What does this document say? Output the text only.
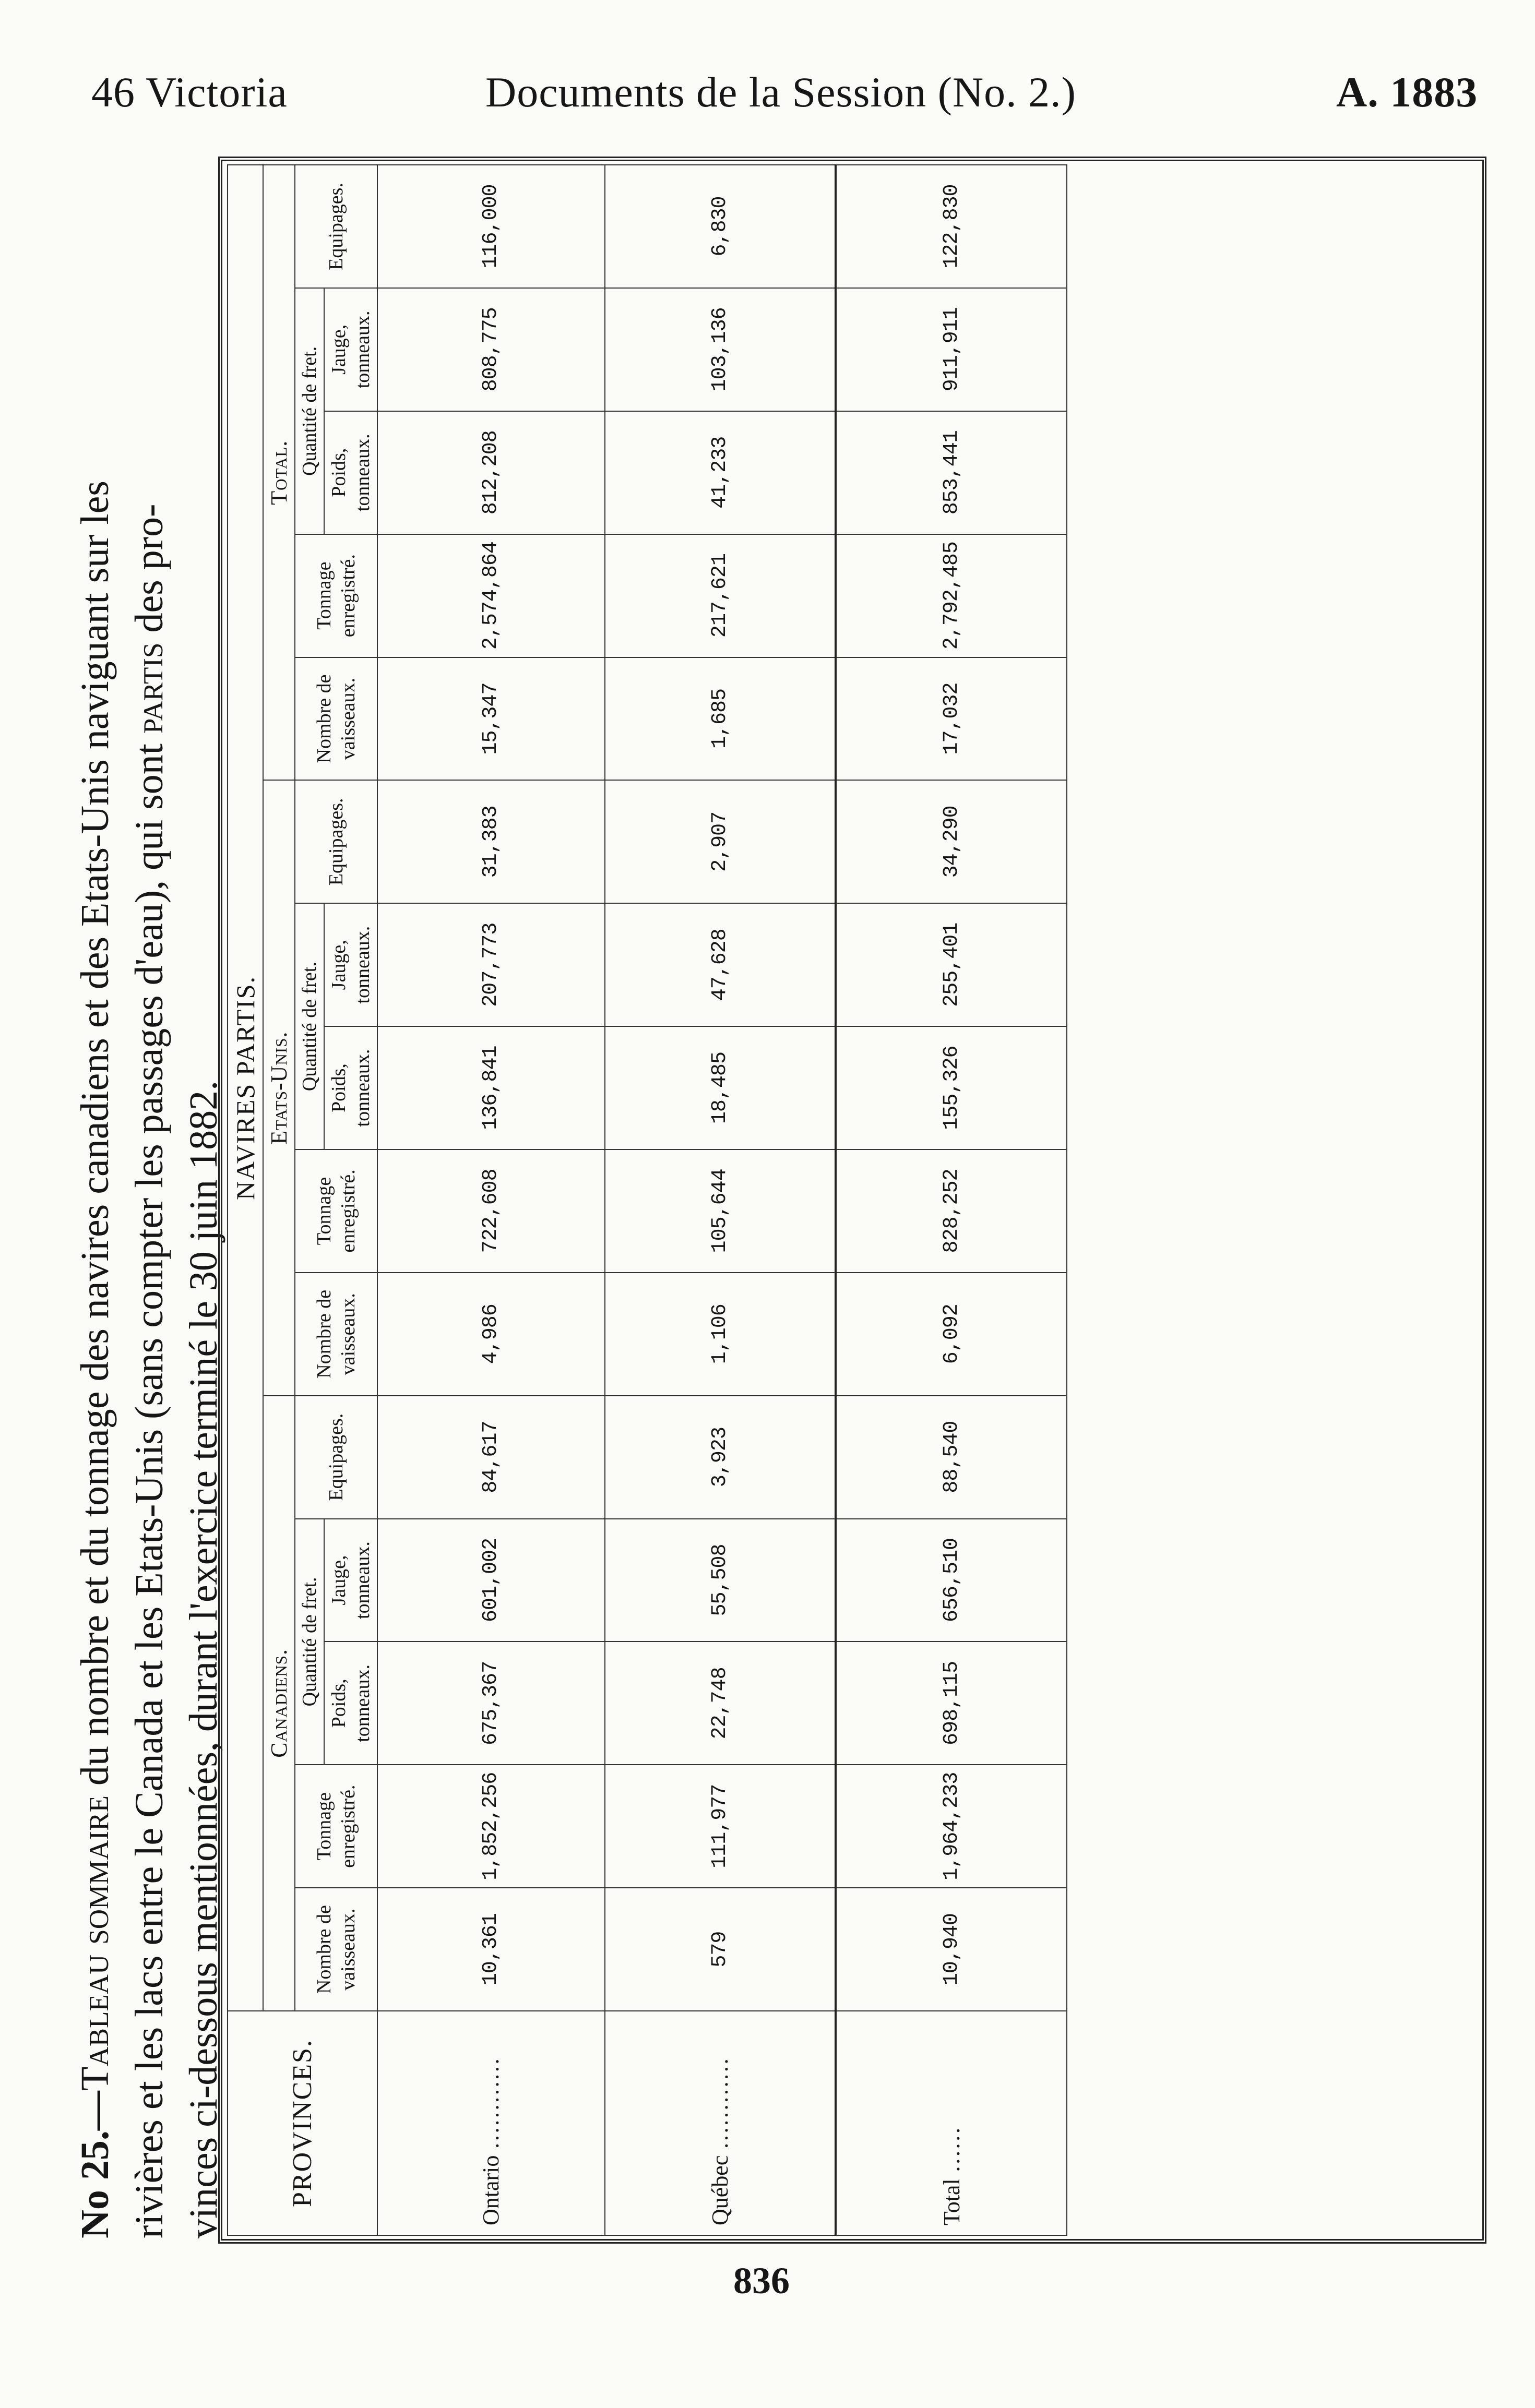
46 Victoria	Documents de la Session (No. 2.)	A. 1883
No 25.—Tableau sommaire du nombre et du tonnage des navires canadiens et des Etats-Unis naviguant sur les rivières et les lacs entre le Canada et les Etats-Unis (sans compter les passages d'eau), qui sont partis des pro-
vinces ci-dessous mentionnées, durant l'exercice terminé le 30 juin 1882. PROVINCES.	NAVIRES PARTIS.														
	Canadiens.					Etats-Unis.					Total.				
	Nombre de vaisseaux.	Tonnage enregistré.	Quantité de fret.		Equipages.	Nombre de vaisseaux.	Tonnage enregistré.	Quantité de fret.		Equipages.	Nombre de vaisseaux.	Tonnage enregistré.	Quantité de fret.		Equipages.
			Poids, tonneaux.	Jauge, tonneaux.				Poids, tonneaux.	Jauge, tonneaux.				Poids, tonneaux.	Jauge, tonneaux.	
Ontario …………	10,361	1,852,256	675,367	601,002	84,617	4,986	722,608	136,841	207,773	31,383	15,347	2,574,864	812,208	808,775	116,000
Québec …………	579	111,977	22,748	55,508	3,923	1,106	105,644	18,485	47,628	2,907	1,685	217,621	41,233	103,136	6,830
Total ……	10,940	1,964,233	698,115	656,510	88,540	6,092	828,252	155,326	255,401	34,290	17,032	2,792,485	853,441	911,911	122,830
836
